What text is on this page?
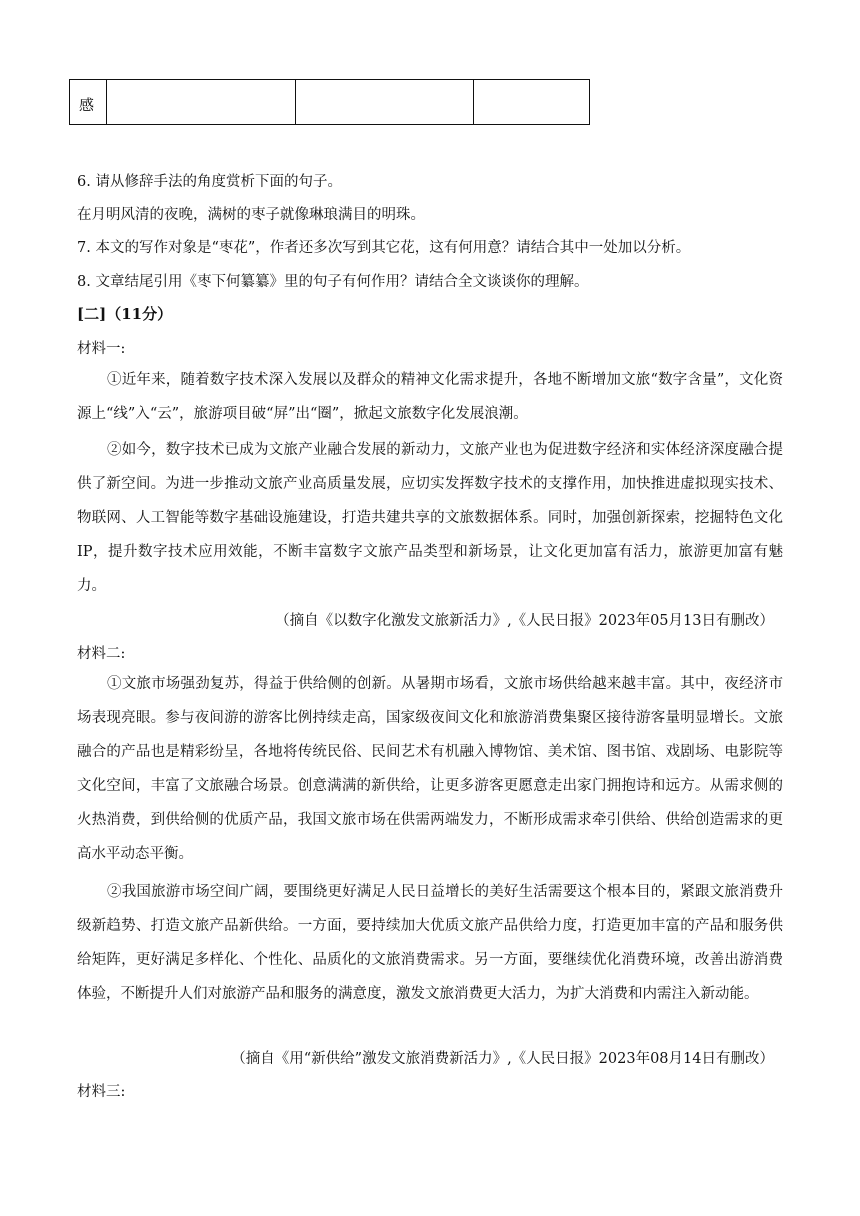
感			

6. 请从修辞手法的角度赏析下面的句子。

在月明风清的夜晚，满树的枣子就像琳琅满目的明珠。

7. 本文的写作对象是“枣花”，作者还多次写到其它花，这有何用意？请结合其中一处加以分析。

8. 文章结尾引用《枣下何纂纂》里的句子有何作用？请结合全文谈谈你的理解。

[二]（11分）

材料一:

①近年来，随着数字技术深入发展以及群众的精神文化需求提升，各地不断增加文旅“数字含量”，文化资源上“线”入“云”，旅游项目破“屏”出“圈”，掀起文旅数字化发展浪潮。

②如今，数字技术已成为文旅产业融合发展的新动力，文旅产业也为促进数字经济和实体经济深度融合提供了新空间。为进一步推动文旅产业高质量发展，应切实发挥数字技术的支撑作用，加快推进虚拟现实技术、物联网、人工智能等数字基础设施建设，打造共建共享的文旅数据体系。同时，加强创新探索，挖掘特色文化IP，提升数字技术应用效能，不断丰富数字文旅产品类型和新场景，让文化更加富有活力，旅游更加富有魅力。

（摘自《以数字化激发文旅新活力》,《人民日报》2023年05月13日有删改）

材料二:

①文旅市场强劲复苏，得益于供给侧的创新。从暑期市场看，文旅市场供给越来越丰富。其中，夜经济市场表现亮眼。参与夜间游的游客比例持续走高，国家级夜间文化和旅游消费集聚区接待游客量明显增长。文旅融合的产品也是精彩纷呈，各地将传统民俗、民间艺术有机融入博物馆、美术馆、图书馆、戏剧场、电影院等文化空间，丰富了文旅融合场景。创意满满的新供给，让更多游客更愿意走出家门拥抱诗和远方。从需求侧的火热消费，到供给侧的优质产品，我国文旅市场在供需两端发力，不断形成需求牵引供给、供给创造需求的更高水平动态平衡。

②我国旅游市场空间广阔，要围绕更好满足人民日益增长的美好生活需要这个根本目的，紧跟文旅消费升级新趋势、打造文旅产品新供给。一方面，要持续加大优质文旅产品供给力度，打造更加丰富的产品和服务供给矩阵，更好满足多样化、个性化、品质化的文旅消费需求。另一方面，要继续优化消费环境，改善出游消费体验，不断提升人们对旅游产品和服务的满意度，激发文旅消费更大活力，为扩大消费和内需注入新动能。

（摘自《用“新供给”激发文旅消费新活力》,《人民日报》2023年08月14日有删改）

材料三:
